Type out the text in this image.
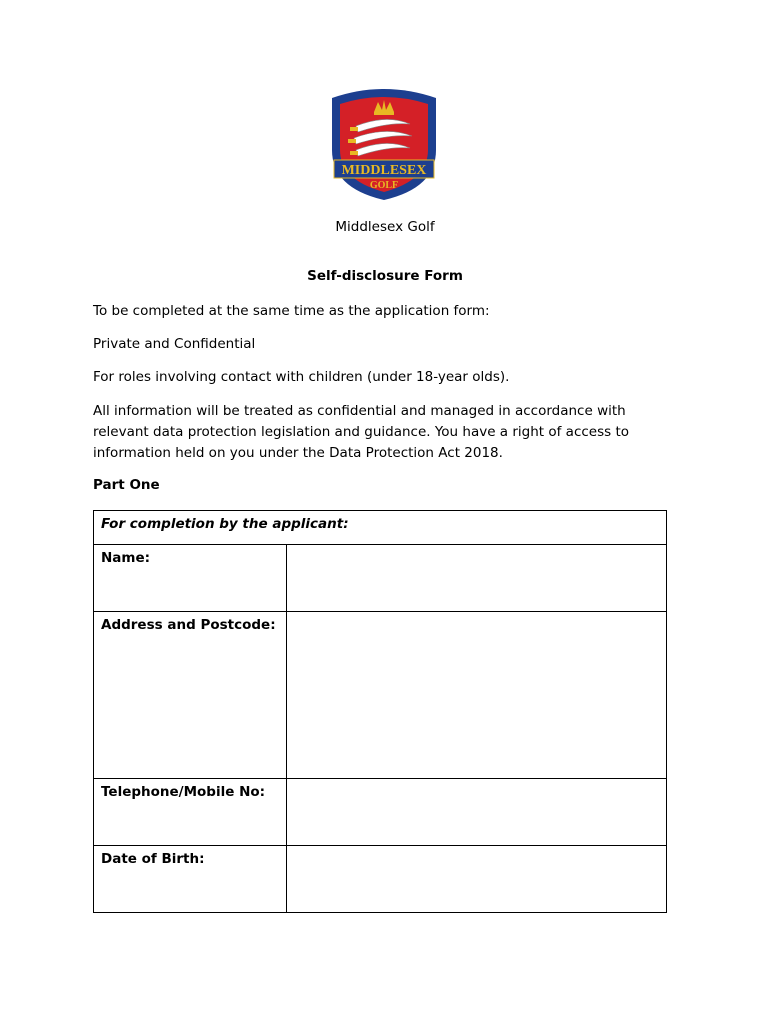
MIDDLESEX
GOLF
Middlesex Golf
Self-disclosure Form
To be completed at the same time as the application form:
Private and Confidential
For roles involving contact with children (under 18-year olds).
All information will be treated as confidential and managed in accordance with relevant data protection legislation and guidance. You have a right of access to information held on you under the Data Protection Act 2018.
Part One
For completion by the applicant:	
Name:	
Address and Postcode:	
Telephone/Mobile No:	
Date of Birth:	
